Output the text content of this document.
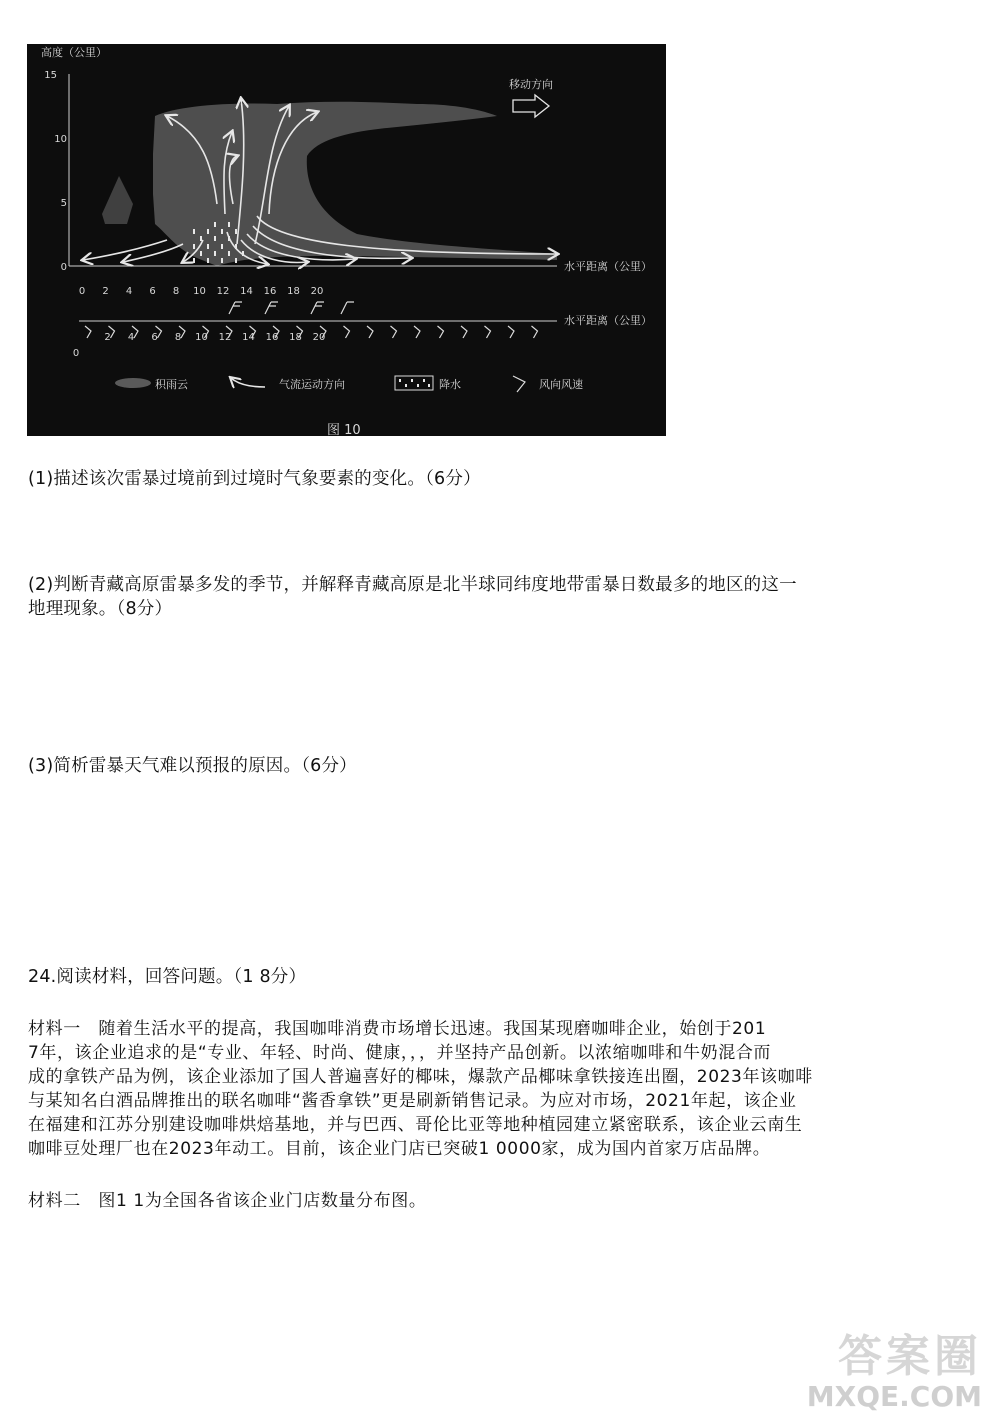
高度（公里）
15
10
5
0	水平距离（公里）
0 2 4 6 8 10 12 14 16 18 20
移动方向
水平距离（公里）
0
2 4 6 8 10 12 14 16 18 20
积雨云	气流运动方向	降水	风向风速
图 10
(1)描述该次雷暴过境前到过境时气象要素的变化。（6分）
(2)判断青藏高原雷暴多发的季节，并解释青藏高原是北半球同纬度地带雷暴日数最多的地区的这一
地理现象。（8分）
(3)简析雷暴天气难以预报的原因。（6分）
24.阅读材料，回答问题。（1 8分）
材料一　随着生活水平的提高，我国咖啡消费市场增长迅速。我国某现磨咖啡企业，始创于201
7年，该企业追求的是“专业、年轻、时尚、健康，，，并坚持产品创新。以浓缩咖啡和牛奶混合而
成的拿铁产品为例，该企业添加了国人普遍喜好的椰味，爆款产品椰味拿铁接连出圈，2023年该咖啡
与某知名白酒品牌推出的联名咖啡“酱香拿铁”更是刷新销售记录。为应对市场，2021年起，该企业
在福建和江苏分别建设咖啡烘焙基地，并与巴西、哥伦比亚等地种植园建立紧密联系，该企业云南生
咖啡豆处理厂也在2023年动工。目前，该企业门店已突破1 0000家，成为国内首家万店品牌。
材料二　图1 1为全国各省该企业门店数量分布图。
答案圈
MXQE.COM
